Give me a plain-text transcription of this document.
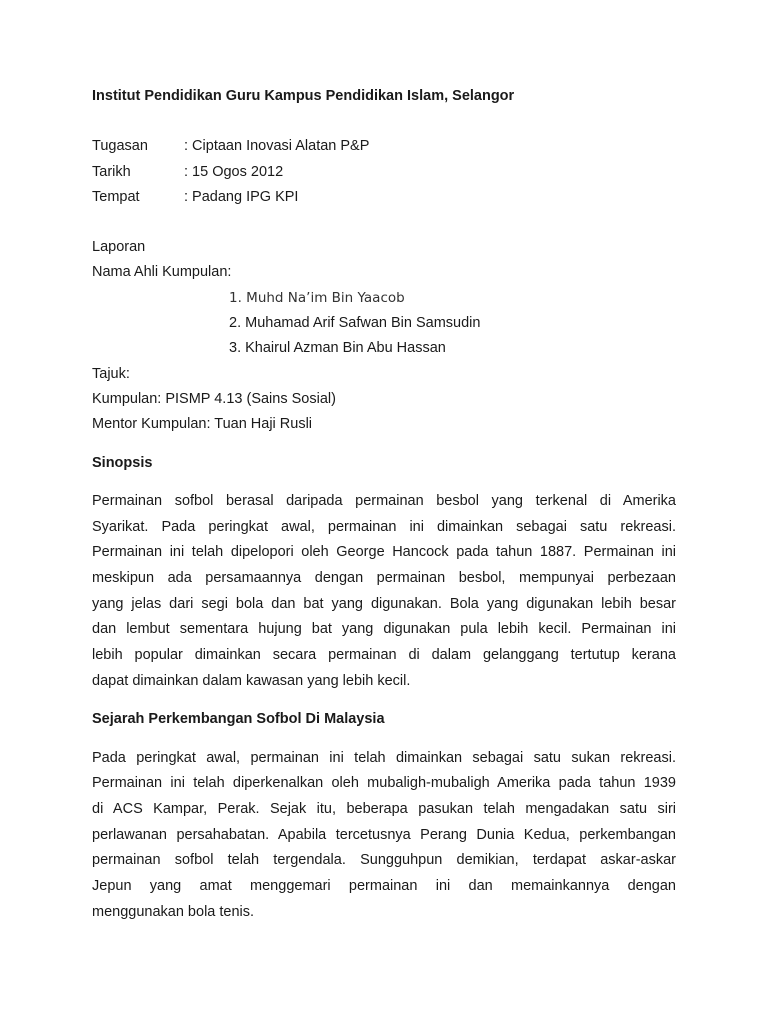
Institut Pendidikan Guru Kampus Pendidikan Islam, Selangor
Tugasan	: Ciptaan Inovasi Alatan P&P
Tarikh	: 15 Ogos 2012
Tempat	: Padang IPG KPI
Laporan
Nama Ahli Kumpulan:
1. Muhd Na’im Bin Yaacob
2. Muhamad Arif Safwan Bin Samsudin
3. Khairul Azman Bin Abu Hassan
Tajuk:
Kumpulan: PISMP 4.13 (Sains Sosial)
Mentor Kumpulan: Tuan Haji Rusli
Sinopsis

Permainan sofbol berasal daripada permainan besbol yang terkenal di Amerika

Syarikat. Pada peringkat awal, permainan ini dimainkan sebagai satu rekreasi.

Permainan ini telah dipelopori oleh George Hancock pada tahun 1887. Permainan ini

meskipun ada persamaannya dengan permainan besbol, mempunyai perbezaan

yang jelas dari segi bola dan bat yang digunakan. Bola yang digunakan lebih besar

dan lembut sementara hujung bat yang digunakan pula lebih kecil. Permainan ini

lebih popular dimainkan secara permainan di dalam gelanggang tertutup kerana

dapat dimainkan dalam kawasan yang lebih kecil.

Sejarah Perkembangan Sofbol Di Malaysia

Pada peringkat awal, permainan ini telah dimainkan sebagai satu sukan rekreasi.

Permainan ini telah diperkenalkan oleh mubaligh-mubaligh Amerika pada tahun 1939

di ACS Kampar, Perak. Sejak itu, beberapa pasukan telah mengadakan satu siri

perlawanan persahabatan. Apabila tercetusnya Perang Dunia Kedua, perkembangan

permainan sofbol telah tergendala. Sungguhpun demikian, terdapat askar-askar

Jepun yang amat menggemari permainan ini dan memainkannya dengan

menggunakan bola tenis.
